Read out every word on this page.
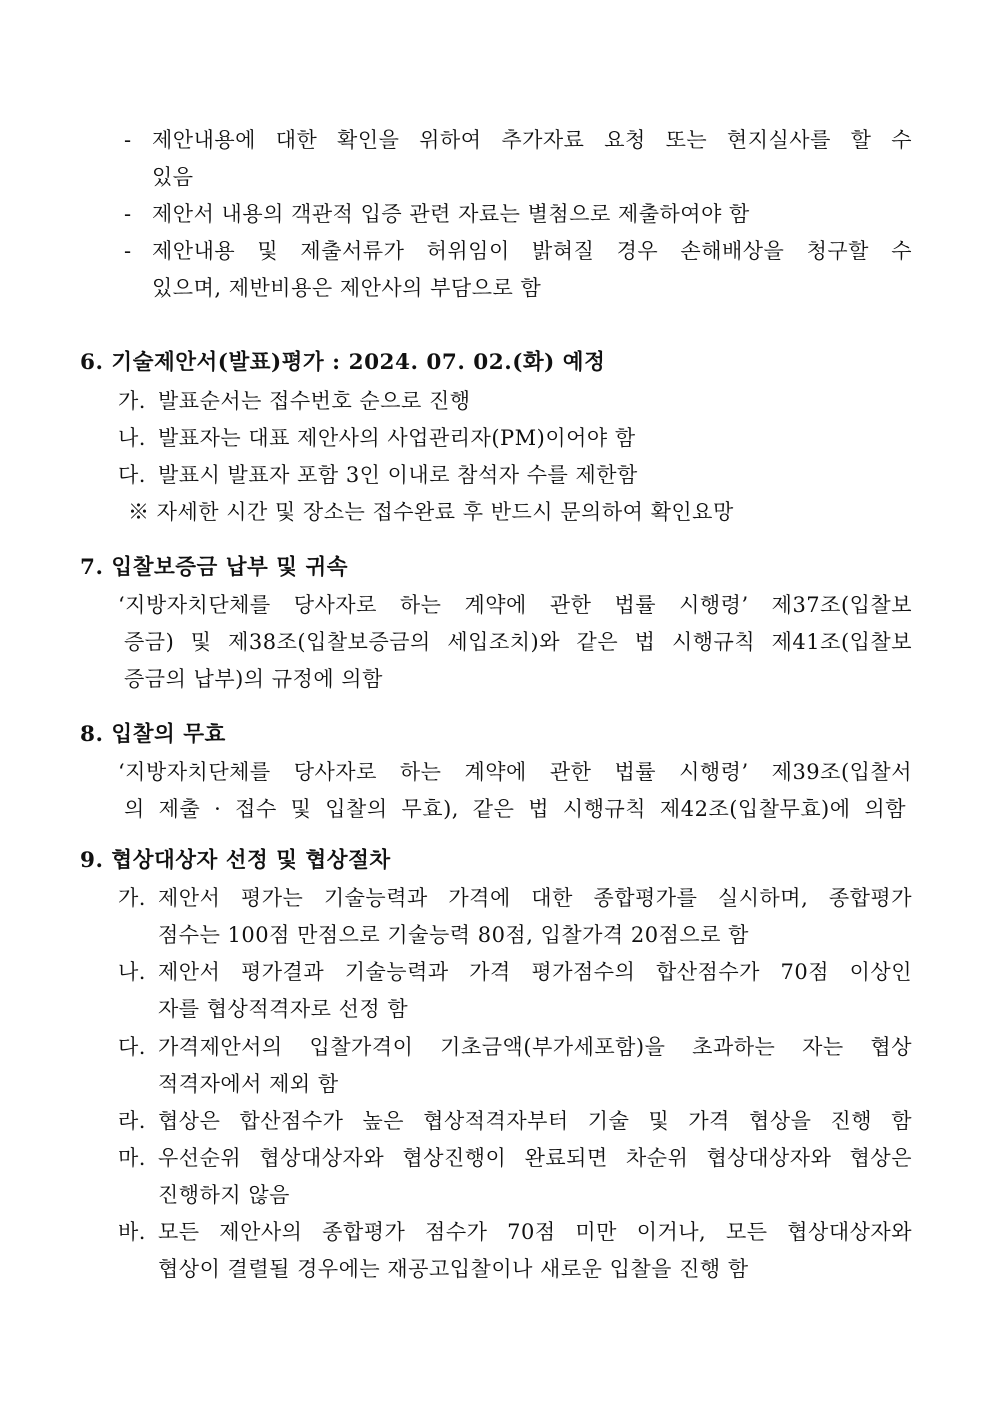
- 제안내용에 대한 확인을 위하여 추가자료 요청 또는 현지실사를 할 수
있음
- 제안서 내용의 객관적 입증 관련 자료는 별첨으로 제출하여야 함
- 제안내용 및 제출서류가 허위임이 밝혀질 경우 손해배상을 청구할 수
있으며, 제반비용은 제안사의 부담으로 함
6. 기술제안서(발표)평가 : 2024. 07. 02.(화) 예정
가. 발표순서는 접수번호 순으로 진행
나. 발표자는 대표 제안사의 사업관리자(PM)이어야 함
다. 발표시 발표자 포함 3인 이내로 참석자 수를 제한함
※ 자세한 시간 및 장소는 접수완료 후 반드시 문의하여 확인요망
7. 입찰보증금 납부 및 귀속
‘지방자치단체를 당사자로 하는 계약에 관한 법률 시행령’ 제37조(입찰보
증금) 및 제38조(입찰보증금의 세입조치)와 같은 법 시행규칙 제41조(입찰보
증금의 납부)의 규정에 의함
8. 입찰의 무효
‘지방자치단체를 당사자로 하는 계약에 관한 법률 시행령’ 제39조(입찰서
의 제출 · 접수 및 입찰의 무효), 같은 법 시행규칙 제42조(입찰무효)에 의함
9. 협상대상자 선정 및 협상절차
가. 제안서 평가는 기술능력과 가격에 대한 종합평가를 실시하며, 종합평가
점수는 100점 만점으로 기술능력 80점, 입찰가격 20점으로 함
나. 제안서 평가결과 기술능력과 가격 평가점수의 합산점수가 70점 이상인
자를 협상적격자로 선정 함
다. 가격제안서의 입찰가격이 기초금액(부가세포함)을 초과하는 자는 협상
적격자에서 제외 함
라. 협상은 합산점수가 높은 협상적격자부터 기술 및 가격 협상을 진행 함
마. 우선순위 협상대상자와 협상진행이 완료되면 차순위 협상대상자와 협상은
진행하지 않음
바. 모든 제안사의 종합평가 점수가 70점 미만 이거나, 모든 협상대상자와
협상이 결렬될 경우에는 재공고입찰이나 새로운 입찰을 진행 함
